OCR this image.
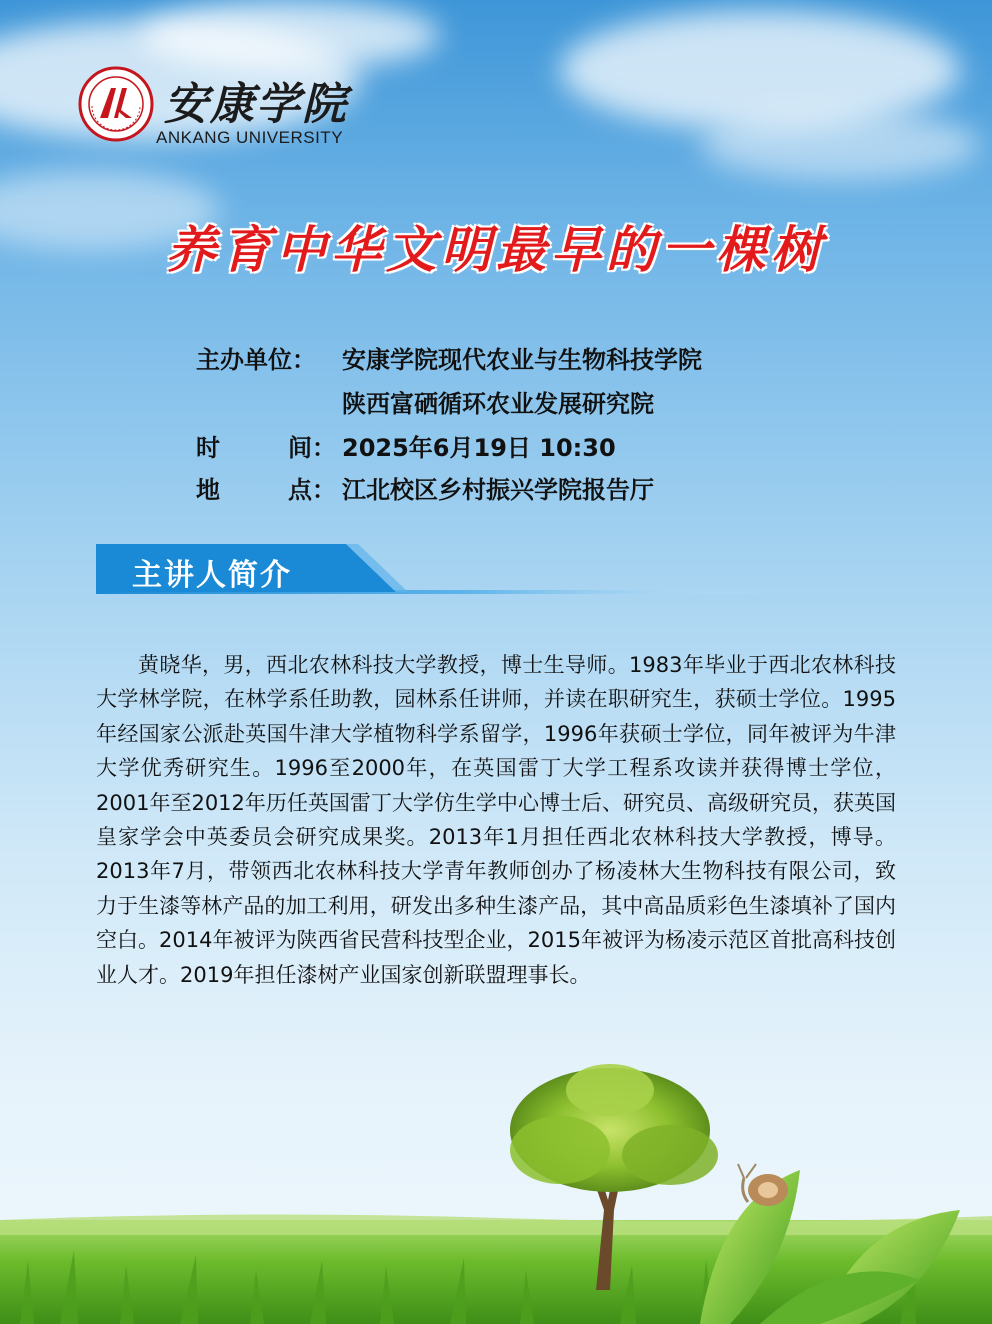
安康学院
ANKANG UNIVERSITY
养育中华文明最早的一棵树
主办单位： 安康学院现代农业与生物科技学院
陕西富硒循环农业发展研究院
时	间： 2025年6月19日 10:30
地	点： 江北校区乡村振兴学院报告厅
主讲人简介
黄晓华，男，西北农林科技大学教授，博士生导师。1983年毕业于西北农林科技大学林学院，在林学系任助教，园林系任讲师，并读在职研究生，获硕士学位。1995年经国家公派赴英国牛津大学植物科学系留学，1996年获硕士学位，同年被评为牛津大学优秀研究生。1996至2000年，在英国雷丁大学工程系攻读并获得博士学位，2001年至2012年历任英国雷丁大学仿生学中心博士后、研究员、高级研究员，获英国皇家学会中英委员会研究成果奖。2013年1月担任西北农林科技大学教授，博导。2013年7月，带领西北农林科技大学青年教师创办了杨凌林大生物科技有限公司，致力于生漆等林产品的加工利用，研发出多种生漆产品，其中高品质彩色生漆填补了国内空白。2014年被评为陕西省民营科技型企业，2015年被评为杨凌示范区首批高科技创业人才。2019年担任漆树产业国家创新联盟理事长。
